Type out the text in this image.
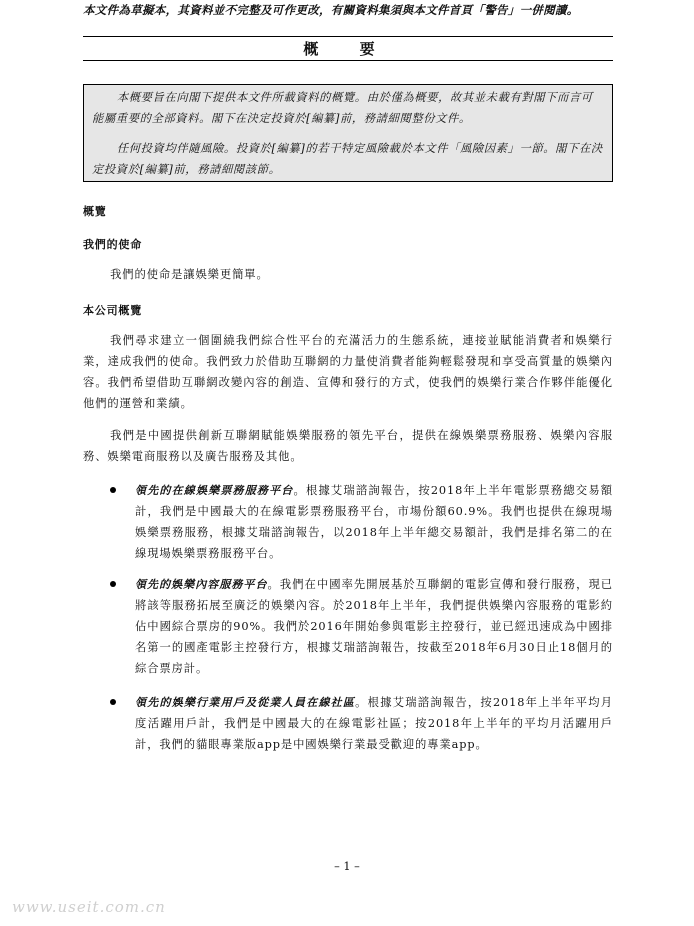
本文件為草擬本，其資料並不完整及可作更改，有關資料集須與本文件首頁「警告」一併閱讀。
概 要

本概要旨在向閣下提供本文件所載資料的概覽。由於僅為概要，故其並未載有對閣下而言可能屬重要的全部資料。閣下在決定投資於[編纂]前，務請細閱整份文件。

任何投資均伴隨風險。投資於[編纂]的若干特定風險載於本文件「風險因素」一節。閣下在決定投資於[編纂]前，務請細閱該節。

概覽
我們的使命
我們的使命是讓娛樂更簡單。
本公司概覽
我們尋求建立一個圍繞我們綜合性平台的充滿活力的生態系統，連接並賦能消費者和娛樂行業，達成我們的使命。我們致力於借助互聯網的力量使消費者能夠輕鬆發現和享受高質量的娛樂內容。我們希望借助互聯網改變內容的創造、宣傳和發行的方式，使我們的娛樂行業合作夥伴能優化他們的運營和業績。
我們是中國提供創新互聯網賦能娛樂服務的領先平台，提供在線娛樂票務服務、娛樂內容服務、娛樂電商服務以及廣告服務及其他。
領先的在線娛樂票務服務平台。根據艾瑞諮詢報告，按2018年上半年電影票務總交易額計，我們是中國最大的在線電影票務服務平台，市場份額60.9%。我們也提供在線現場娛樂票務服務，根據艾瑞諮詢報告，以2018年上半年總交易額計，我們是排名第二的在線現場娛樂票務服務平台。
領先的娛樂內容服務平台。我們在中國率先開展基於互聯網的電影宣傳和發行服務，現已將該等服務拓展至廣泛的娛樂內容。於2018年上半年，我們提供娛樂內容服務的電影約佔中國綜合票房的90%。我們於2016年開始參與電影主控發行，並已經迅速成為中國排名第一的國產電影主控發行方，根據艾瑞諮詢報告，按截至2018年6月30日止18個月的綜合票房計。
領先的娛樂行業用戶及從業人員在線社區。根據艾瑞諮詢報告，按2018年上半年平均月度活躍用戶計，我們是中國最大的在線電影社區；按2018年上半年的平均月活躍用戶計，我們的貓眼專業版app是中國娛樂行業最受歡迎的專業app。
– 1 –
www.useit.com.cn
